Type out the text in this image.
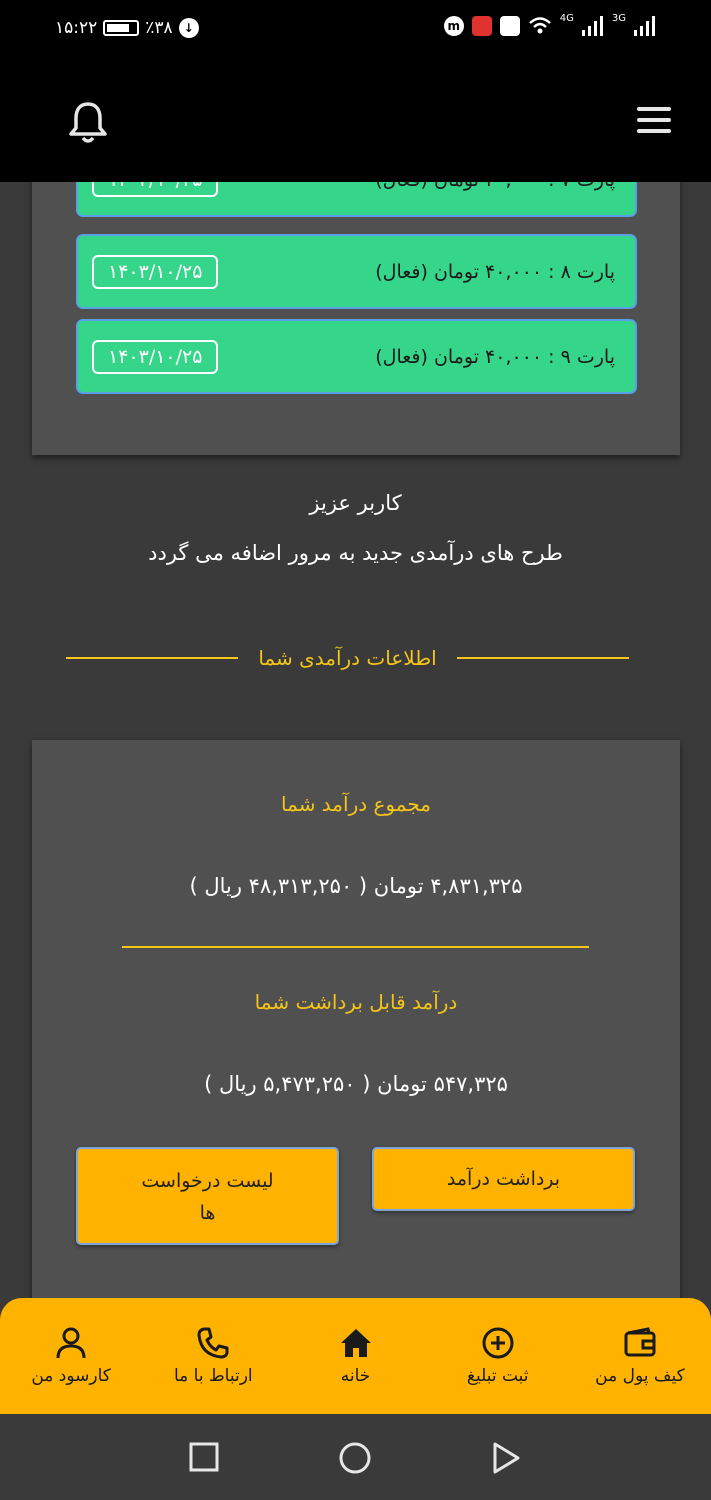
۱۵:۲۲	٪۳۸ ↓	m
4G	3G
۱۴۰۳/۱۰/۲۵	پارت ۸ : ۴۰,۰۰۰ تومان (فعال)
۱۴۰۳/۱۰/۲۵	پارت ۹ : ۴۰,۰۰۰ تومان (فعال)
کاربر عزیز
طرح های درآمدی جدید به مرور اضافه می گردد
اطلاعات درآمدی شما
مجموع درآمد شما
۴,۸۳۱,۳۲۵ تومان ( ۴۸,۳۱۳,۲۵۰ ریال )
درآمد قابل برداشت شما
۵۴۷,۳۲۵ تومان ( ۵,۴۷۳,۲۵۰ ریال )
برداشت درآمد
لیست درخواست
ها
کارسود من	ارتباط با ما	خانه	ثبت تبلیغ	کیف پول من
